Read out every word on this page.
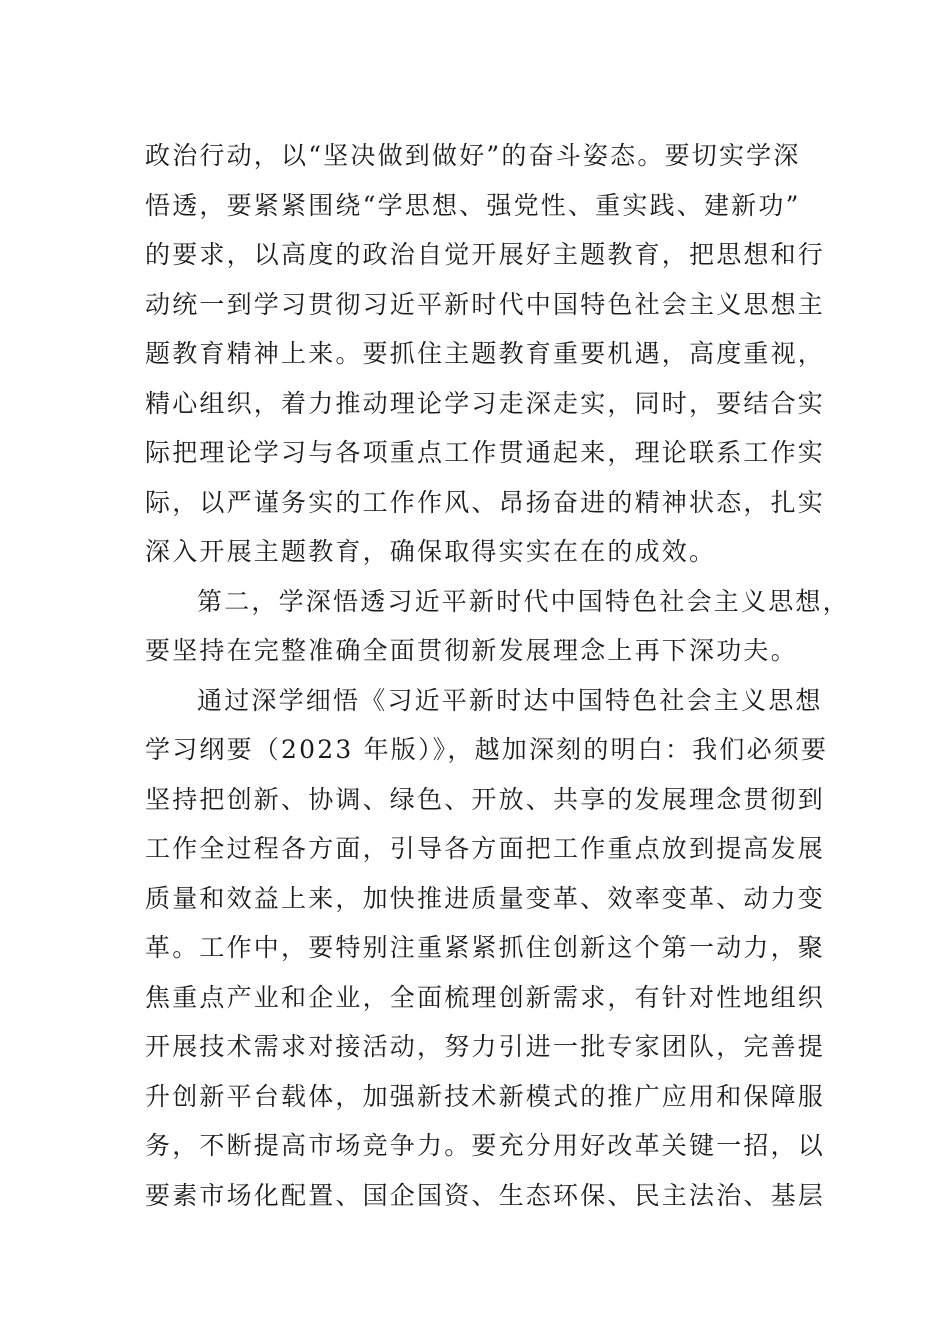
政治行动，以“坚决做到做好”的奋斗姿态。要切实学深
悟透，要紧紧围绕“学思想、强党性、重实践、建新功”
的要求，以高度的政治自觉开展好主题教育，把思想和行
动统一到学习贯彻习近平新时代中国特色社会主义思想主
题教育精神上来。要抓住主题教育重要机遇，高度重视，
精心组织，着力推动理论学习走深走实，同时，要结合实
际把理论学习与各项重点工作贯通起来，理论联系工作实
际，以严谨务实的工作作风、昂扬奋进的精神状态，扎实
深入开展主题教育，确保取得实实在在的成效。
第二，学深悟透习近平新时代中国特色社会主义思想，
要坚持在完整准确全面贯彻新发展理念上再下深功夫。
通过深学细悟《习近平新时达中国特色社会主义思想
学习纲要（2023 年版）》，越加深刻的明白：我们必须要
坚持把创新、协调、绿色、开放、共享的发展理念贯彻到
工作全过程各方面，引导各方面把工作重点放到提高发展
质量和效益上来，加快推进质量变革、效率变革、动力变
革。工作中，要特别注重紧紧抓住创新这个第一动力，聚
焦重点产业和企业，全面梳理创新需求，有针对性地组织
开展技术需求对接活动，努力引进一批专家团队，完善提
升创新平台载体，加强新技术新模式的推广应用和保障服
务，不断提高市场竞争力。要充分用好改革关键一招，以
要素市场化配置、国企国资、生态环保、民主法治、基层
